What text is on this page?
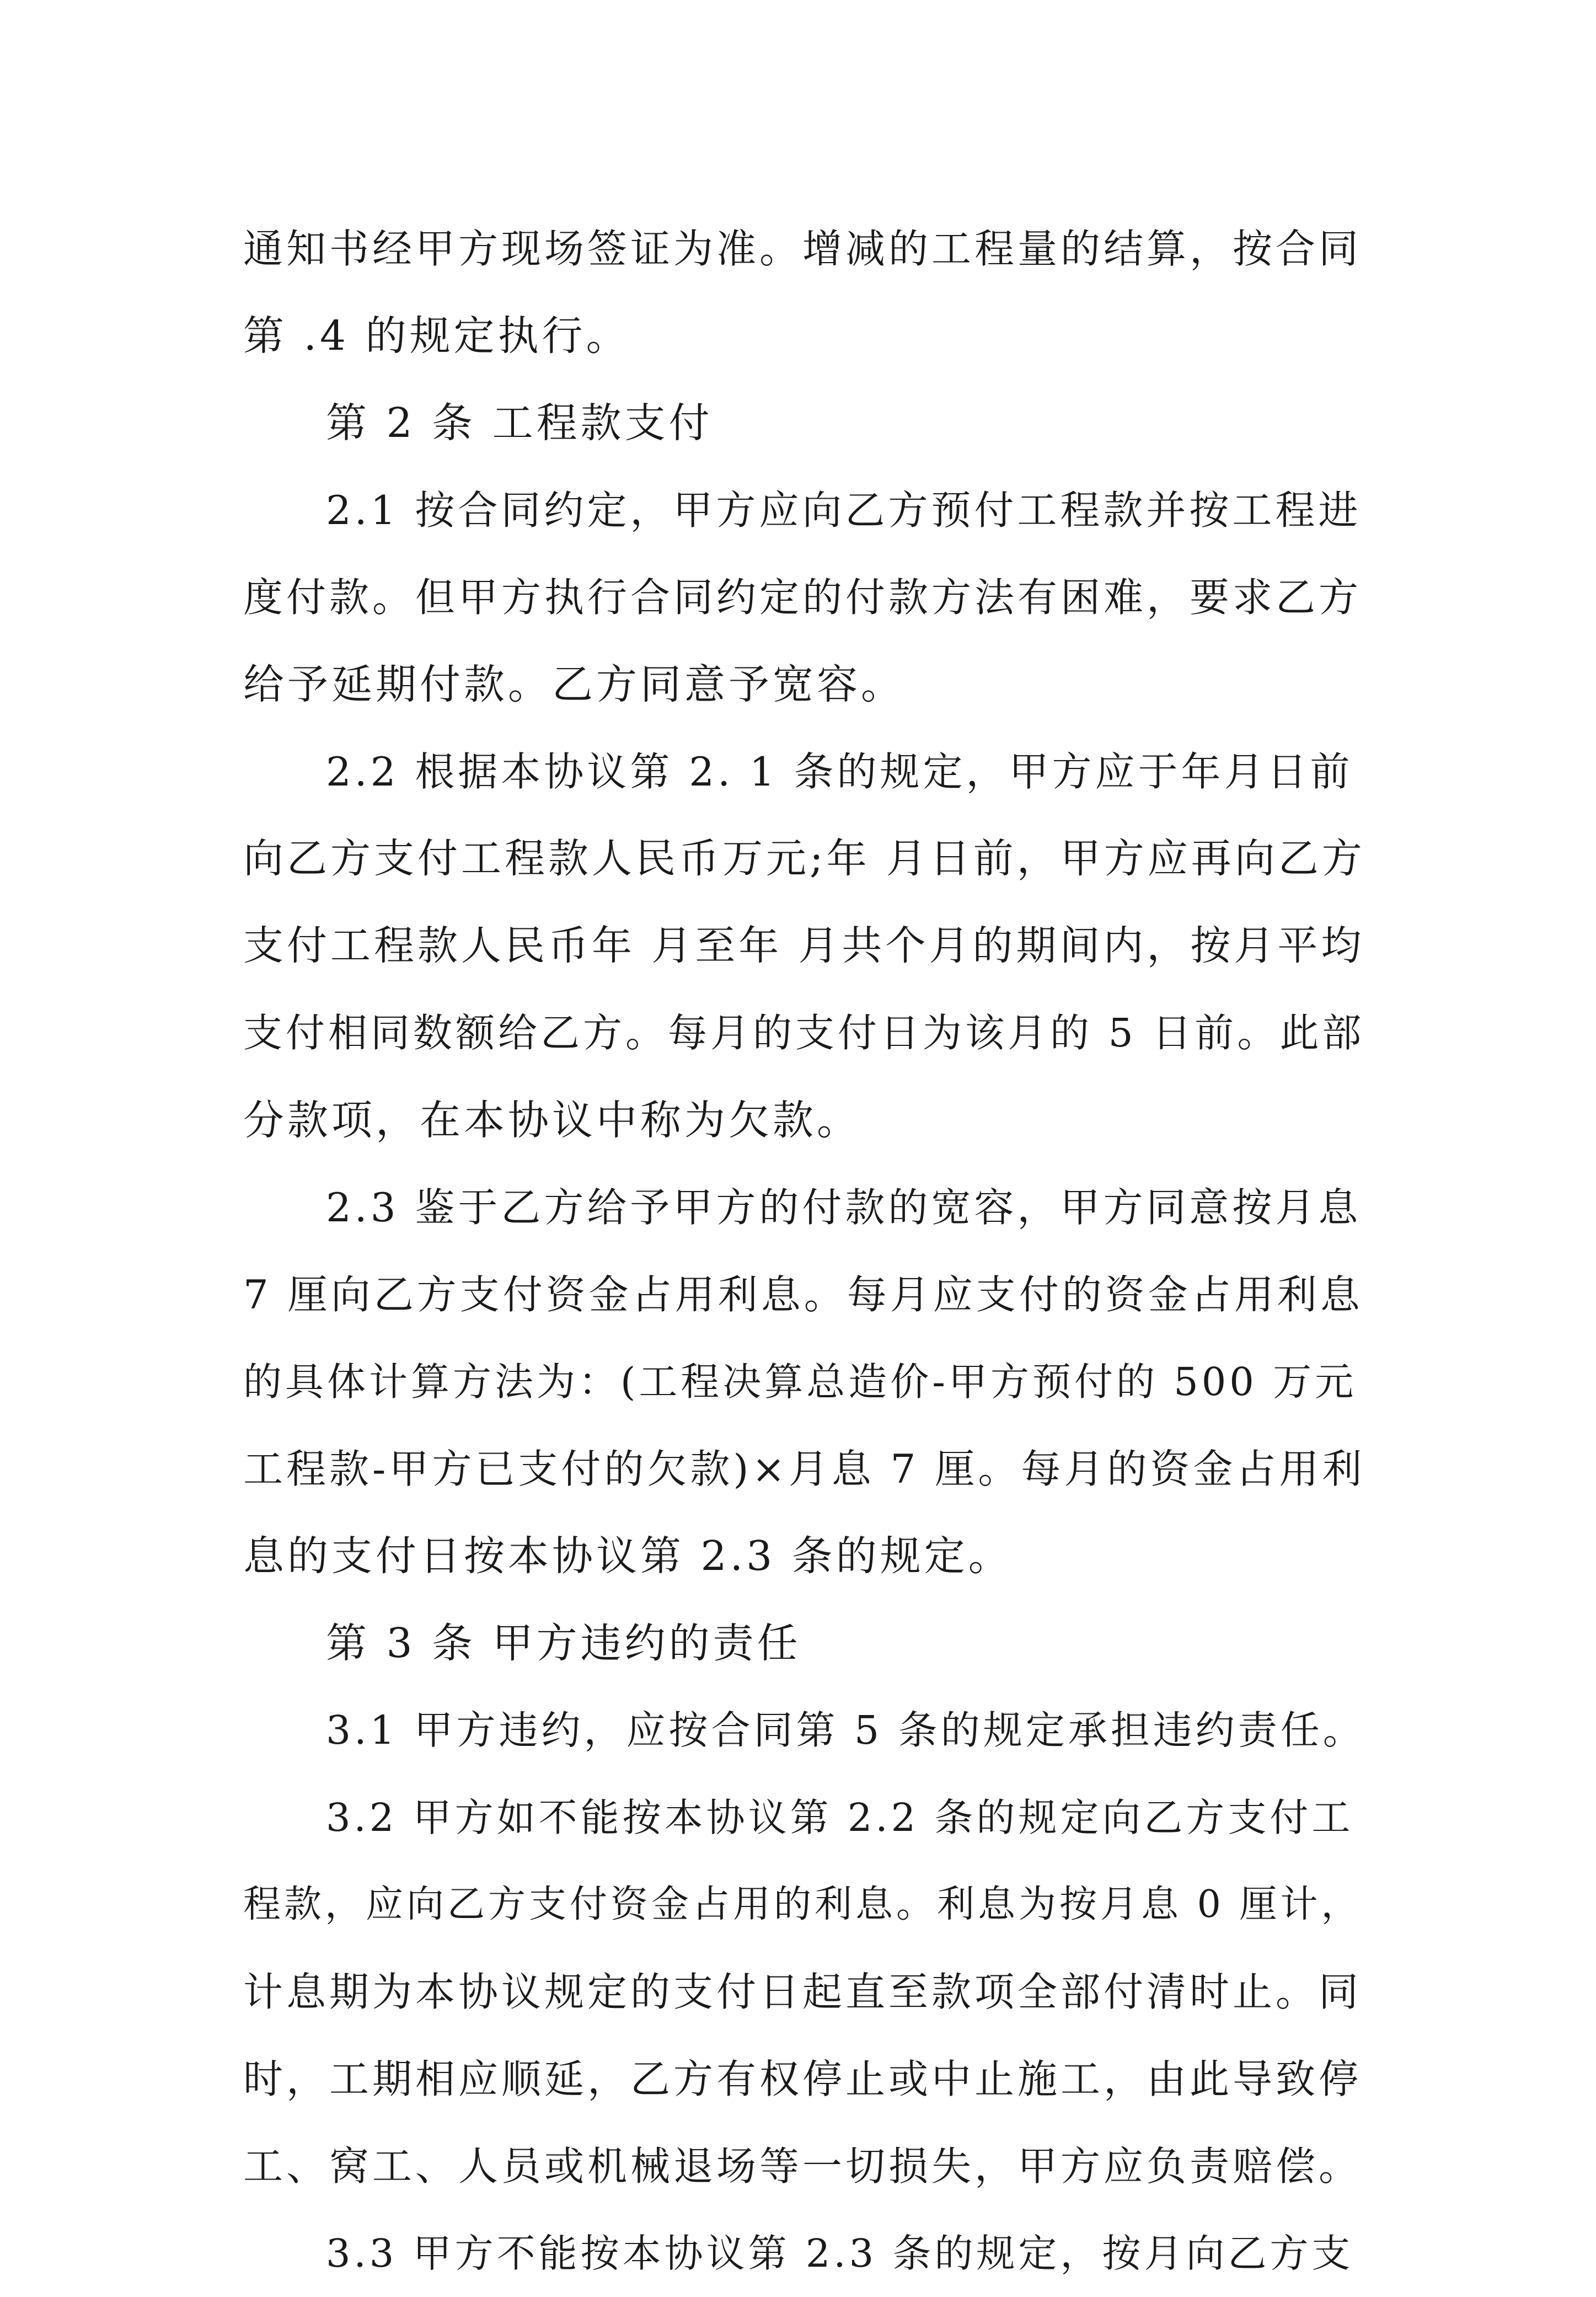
通知书经甲方现场签证为准。增减的工程量的结算，按合同
第 .4 的规定执行。
第 2 条 工程款支付
2.1 按合同约定，甲方应向乙方预付工程款并按工程进
度付款。但甲方执行合同约定的付款方法有困难，要求乙方
给予延期付款。乙方同意予宽容。
2.2 根据本协议第 2. 1 条的规定，甲方应于年月日前
向乙方支付工程款人民币万元;年 月日前，甲方应再向乙方
支付工程款人民币年 月至年 月共个月的期间内，按月平均
支付相同数额给乙方。每月的支付日为该月的 5 日前。此部
分款项，在本协议中称为欠款。
2.3 鉴于乙方给予甲方的付款的宽容，甲方同意按月息
7 厘向乙方支付资金占用利息。每月应支付的资金占用利息
的具体计算方法为：(工程决算总造价-甲方预付的 500 万元
工程款-甲方已支付的欠款)×月息 7 厘。每月的资金占用利
息的支付日按本协议第 2.3 条的规定。
第 3 条 甲方违约的责任
3.1 甲方违约，应按合同第 5 条的规定承担违约责任。
3.2 甲方如不能按本协议第 2.2 条的规定向乙方支付工
程款，应向乙方支付资金占用的利息。利息为按月息 0 厘计，
计息期为本协议规定的支付日起直至款项全部付清时止。同
时，工期相应顺延，乙方有权停止或中止施工，由此导致停
工、窝工、人员或机械退场等一切损失，甲方应负责赔偿。
3.3 甲方不能按本协议第 2.3 条的规定，按月向乙方支
